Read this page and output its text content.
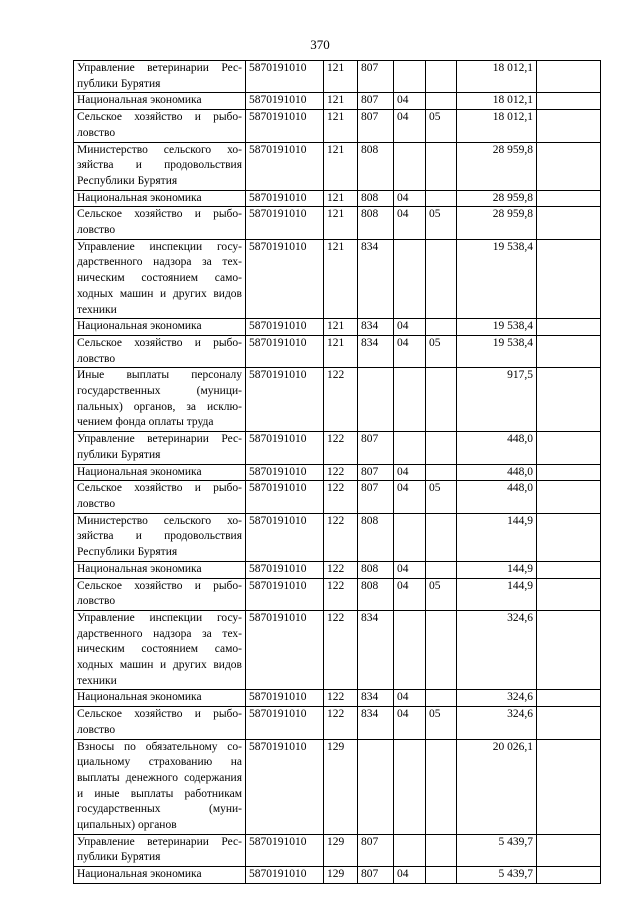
370
Управление ветеринарии Республики Бурятия	5870191010	121	807			18 012,1	
Национальная экономика	5870191010	121	807	04		18 012,1	
Сельское хозяйство и рыболовство	5870191010	121	807	04	05	18 012,1	
Министерство сельского хозяйства и продовольствия Республики Бурятия	5870191010	121	808			28 959,8	
Национальная экономика	5870191010	121	808	04		28 959,8	
Сельское хозяйство и рыболовство	5870191010	121	808	04	05	28 959,8	
Управление инспекции государственного надзора за техническим состоянием самоходных машин и других видов техники	5870191010	121	834			19 538,4	
Национальная экономика	5870191010	121	834	04		19 538,4	
Сельское хозяйство и рыболовство	5870191010	121	834	04	05	19 538,4	
Иные выплаты персоналу государственных (муниципальных) органов, за исключением фонда оплаты труда	5870191010	122				917,5	
Управление ветеринарии Республики Бурятия	5870191010	122	807			448,0	
Национальная экономика	5870191010	122	807	04		448,0	
Сельское хозяйство и рыболовство	5870191010	122	807	04	05	448,0	
Министерство сельского хозяйства и продовольствия Республики Бурятия	5870191010	122	808			144,9	
Национальная экономика	5870191010	122	808	04		144,9	
Сельское хозяйство и рыболовство	5870191010	122	808	04	05	144,9	
Управление инспекции государственного надзора за техническим состоянием самоходных машин и других видов техники	5870191010	122	834			324,6	
Национальная экономика	5870191010	122	834	04		324,6	
Сельское хозяйство и рыболовство	5870191010	122	834	04	05	324,6	
Взносы по обязательному социальному страхованию на выплаты денежного содержания и иные выплаты работникам государственных (муниципальных) органов	5870191010	129				20 026,1	
Управление ветеринарии Республики Бурятия	5870191010	129	807			5 439,7	
Национальная экономика	5870191010	129	807	04		5 439,7	
